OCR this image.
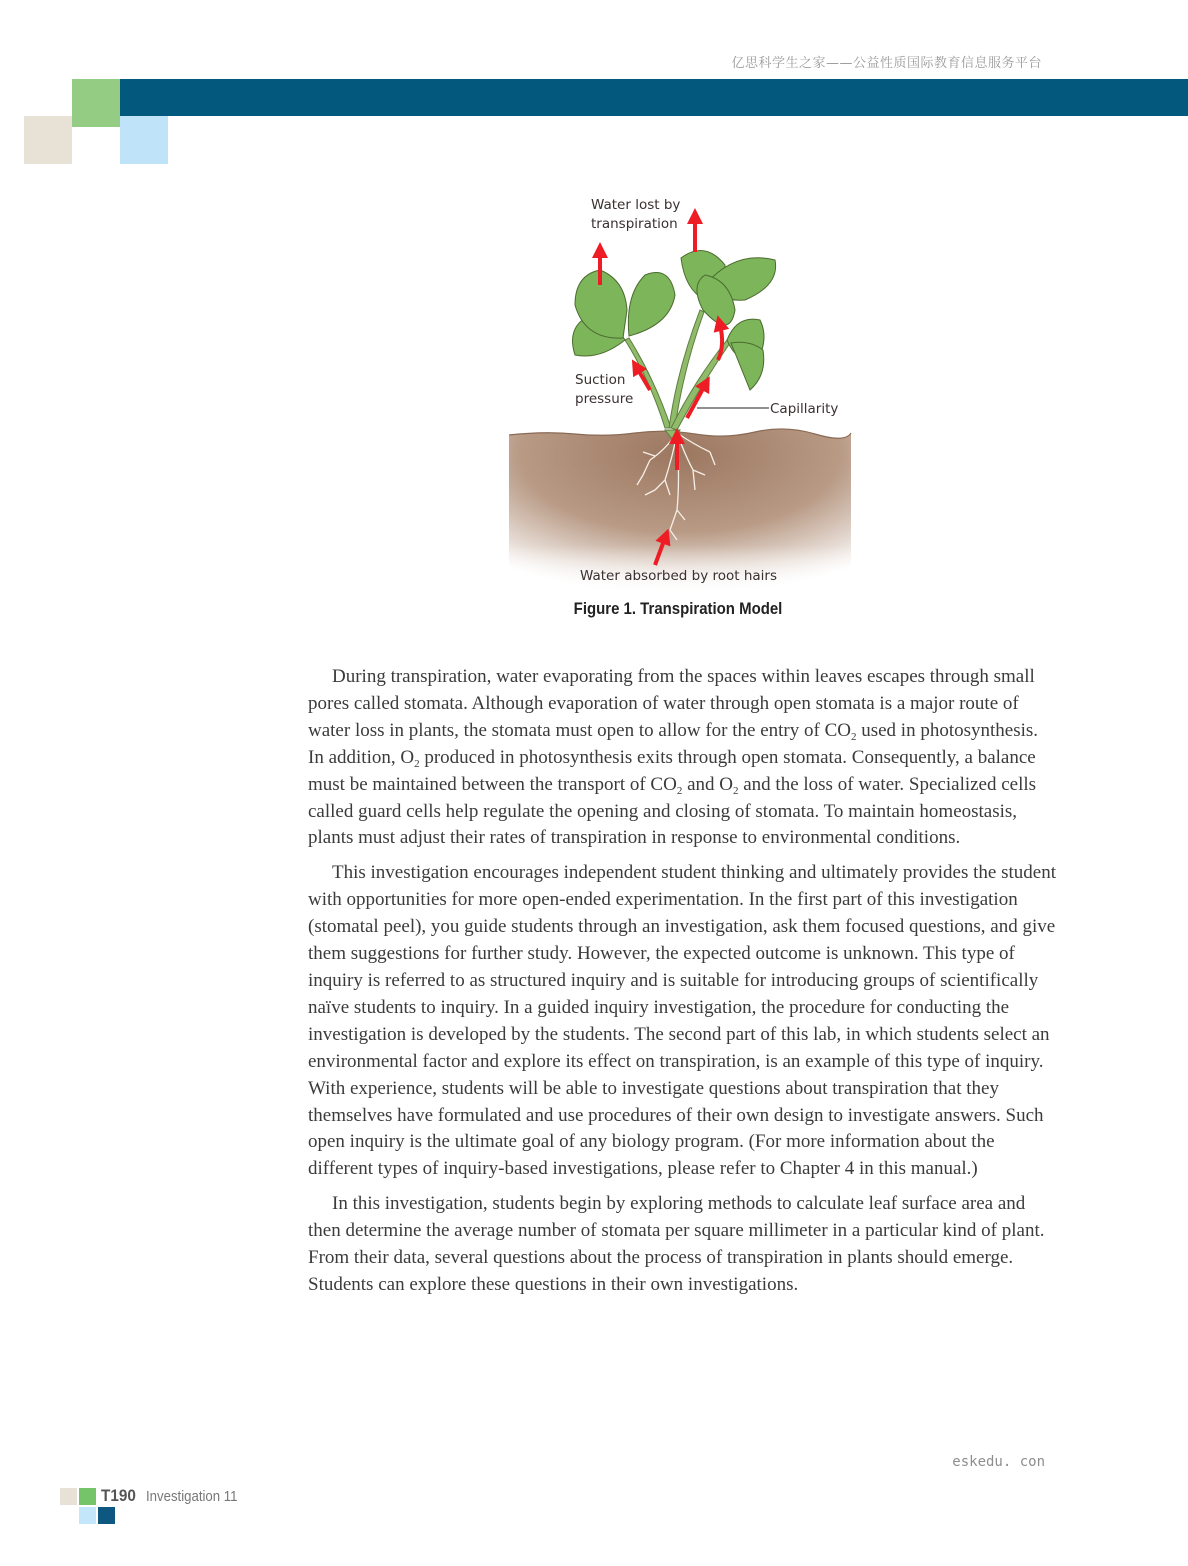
亿思科学生之家——公益性质国际教育信息服务平台
Water lost by
transpiration
Suction
pressure
Capillarity
Water absorbed by root hairs
Figure 1. Transpiration Model

During transpiration, water evaporating from the spaces within leaves escapes through small pores called stomata. Although evaporation of water through open stomata is a major route of water loss in plants, the stomata must open to allow for the entry of $CO_2$ used in photosynthesis. In addition, $O_2$ produced in photosynthesis exits through open stomata. Consequently, a balance must be maintained between the transport of $CO_2$ and $O_2$ and the loss of water. Specialized cells called guard cells help regulate the opening and closing of stomata. To maintain homeostasis, plants must adjust their rates of transpiration in response to environmental conditions.

This investigation encourages independent student thinking and ultimately provides the student with opportunities for more open-ended experimentation. In the first part of this investigation (stomatal peel), you guide students through an investigation, ask them focused questions, and give them suggestions for further study. However, the expected outcome is unknown. This type of inquiry is referred to as structured inquiry and is suitable for introducing groups of scientifically naïve students to inquiry. In a guided inquiry investigation, the procedure for conducting the investigation is developed by the students. The second part of this lab, in which students select an environmental factor and explore its effect on transpiration, is an example of this type of inquiry. With experience, students will be able to investigate questions about transpiration that they themselves have formulated and use procedures of their own design to investigate answers. Such open inquiry is the ultimate goal of any biology program. (For more information about the different types of inquiry-based investigations, please refer to Chapter 4 in this manual.)

In this investigation, students begin by exploring methods to calculate leaf surface area and then determine the average number of stomata per square millimeter in a particular kind of plant. From their data, several questions about the process of transpiration in plants should emerge. Students can explore these questions in their own investigations.

eskedu. con
T190 Investigation 11
